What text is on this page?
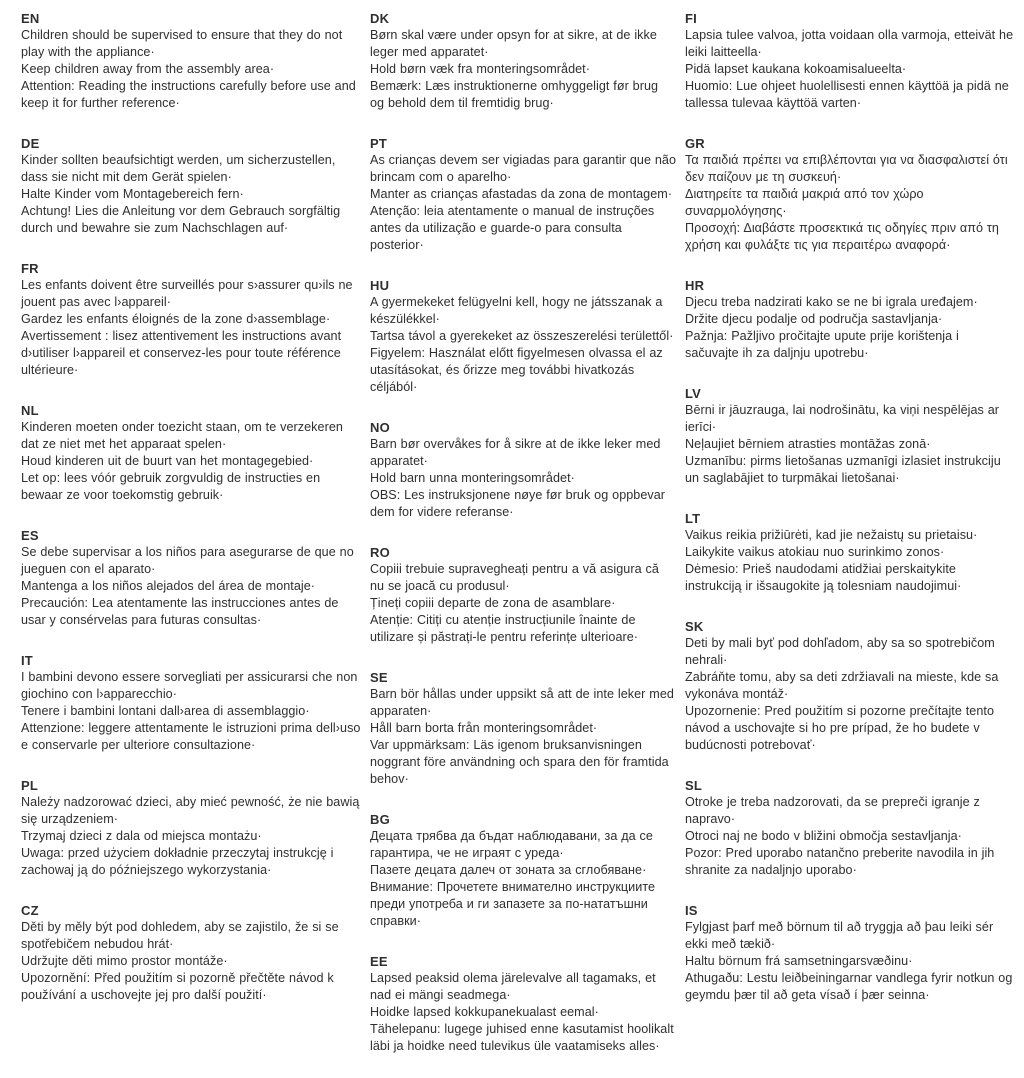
EN

Children should be supervised to ensure that they do not play with the appliance·

Keep children away from the assembly area·

Attention: Reading the instructions carefully before use and keep it for further reference·

DE

Kinder sollten beaufsichtigt werden, um sicherzustellen, dass sie nicht mit dem Gerät spielen·

Halte Kinder vom Montagebereich fern·

Achtung! Lies die Anleitung vor dem Gebrauch sorgfältig durch und bewahre sie zum Nachschlagen auf·

FR

Les enfants doivent être surveillés pour s›assurer qu›ils ne jouent pas avec l›appareil·

Gardez les enfants éloignés de la zone d›assemblage·

Avertissement : lisez attentivement les instructions avant d›utiliser l›appareil et conservez-les pour toute référence ultérieure·

NL

Kinderen moeten onder toezicht staan, om te verzekeren dat ze niet met het apparaat spelen·

Houd kinderen uit de buurt van het montagegebied·

Let op: lees vóór gebruik zorgvuldig de instructies en bewaar ze voor toekomstig gebruik·

ES

Se debe supervisar a los niños para asegurarse de que no jueguen con el aparato·

Mantenga a los niños alejados del área de montaje·

Precaución: Lea atentamente las instrucciones antes de usar y consérvelas para futuras consultas·

IT

I bambini devono essere sorvegliati per assicurarsi che non giochino con l›apparecchio·

Tenere i bambini lontani dall›area di assemblaggio·

Attenzione: leggere attentamente le istruzioni prima dell›uso e conservarle per ulteriore consultazione·

PL

Należy nadzorować dzieci, aby mieć pewność, że nie bawią się urządzeniem·

Trzymaj dzieci z dala od miejsca montażu·

Uwaga: przed użyciem dokładnie przeczytaj instrukcję i zachowaj ją do późniejszego wykorzystania·

CZ

Děti by měly být pod dohledem, aby se zajistilo, že si se spotřebičem nebudou hrát·

Udržujte děti mimo prostor montáže·

Upozornění: Před použitím si pozorně přečtěte návod k používání a uschovejte jej pro další použití·

DK

Børn skal være under opsyn for at sikre, at de ikke leger med apparatet·

Hold børn væk fra monteringsområdet·

Bemærk: Læs instruktionerne omhyggeligt før brug og behold dem til fremtidig brug·

PT

As crianças devem ser vigiadas para garantir que não brincam com o aparelho·

Manter as crianças afastadas da zona de montagem·

Atenção: leia atentamente o manual de instruções antes da utilização e guarde-o para consulta posterior·

HU

A gyermekeket felügyelni kell, hogy ne játsszanak a készülékkel·

Tartsa távol a gyerekeket az összeszerelési területtől·

Figyelem: Használat előtt figyelmesen olvassa el az utasításokat, és őrizze meg további hivatkozás céljából·

NO

Barn bør overvåkes for å sikre at de ikke leker med apparatet·

Hold barn unna monteringsområdet·

OBS: Les instruksjonene nøye før bruk og oppbevar dem for videre referanse·

RO

Copiii trebuie supravegheați pentru a vă asigura că nu se joacă cu produsul·

Țineți copiii departe de zona de asamblare·

Atenție: Citiți cu atenție instrucțiunile înainte de utilizare și păstrați-le pentru referințe ulterioare·

SE

Barn bör hållas under uppsikt så att de inte leker med apparaten·

Håll barn borta från monteringsområdet·

Var uppmärksam: Läs igenom bruksanvisningen noggrant före användning och spara den för framtida behov·

BG

Децата трябва да бъдат наблюдавани, за да се гарантира, че не играят с уреда·

Пазете децата далеч от зоната за сглобяване·

Внимание: Прочетете внимателно инструкциите преди употреба и ги запазете за по-нататъшни справки·

EE

Lapsed peaksid olema järelevalve all tagamaks, et nad ei mängi seadmega·

Hoidke lapsed kokkupanekualast eemal·

Tähelepanu: lugege juhised enne kasutamist hoolikalt läbi ja hoidke need tulevikus üle vaatamiseks alles·

FI

Lapsia tulee valvoa, jotta voidaan olla varmoja, etteivät he leiki laitteella·

Pidä lapset kaukana kokoamisalueelta·

Huomio: Lue ohjeet huolellisesti ennen käyttöä ja pidä ne tallessa tulevaa käyttöä varten·

GR

Τα παιδιά πρέπει να επιβλέπονται για να διασφαλιστεί ότι δεν παίζουν με τη συσκευή·

Διατηρείτε τα παιδιά μακριά από τον χώρο συναρμολόγησης·

Προσοχή: Διαβάστε προσεκτικά τις οδηγίες πριν από τη χρήση και φυλάξτε τις για περαιτέρω αναφορά·

HR

Djecu treba nadzirati kako se ne bi igrala uređajem·

Držite djecu podalje od područja sastavljanja·

Pažnja: Pažljivo pročitajte upute prije korištenja i sačuvajte ih za daljnju upotrebu·

LV

Bērni ir jāuzrauga, lai nodrošinātu, ka viņi nespēlējas ar ierīci·

Neļaujiet bērniem atrasties montāžas zonā·

Uzmanību: pirms lietošanas uzmanīgi izlasiet instrukciju un saglabājiet to turpmākai lietošanai·

LT

Vaikus reikia prižiūrėti, kad jie nežaistų su prietaisu·

Laikykite vaikus atokiau nuo surinkimo zonos·

Dėmesio: Prieš naudodami atidžiai perskaitykite instrukciją ir išsaugokite ją tolesniam naudojimui·

SK

Deti by mali byť pod dohľadom, aby sa so spotrebičom nehrali·

Zabráňte tomu, aby sa deti zdržiavali na mieste, kde sa vykonáva montáž·

Upozornenie: Pred použitím si pozorne prečítajte tento návod a uschovajte si ho pre prípad, že ho budete v budúcnosti potrebovať·

SL

Otroke je treba nadzorovati, da se prepreči igranje z napravo·

Otroci naj ne bodo v bližini območja sestavljanja·

Pozor: Pred uporabo natančno preberite navodila in jih shranite za nadaljnjo uporabo·

IS

Fylgjast þarf með börnum til að tryggja að þau leiki sér ekki með tækið·

Haltu börnum frá samsetningarsvæðinu·

Athugaðu: Lestu leiðbeiningarnar vandlega fyrir notkun og geymdu þær til að geta vísað í þær seinna·
